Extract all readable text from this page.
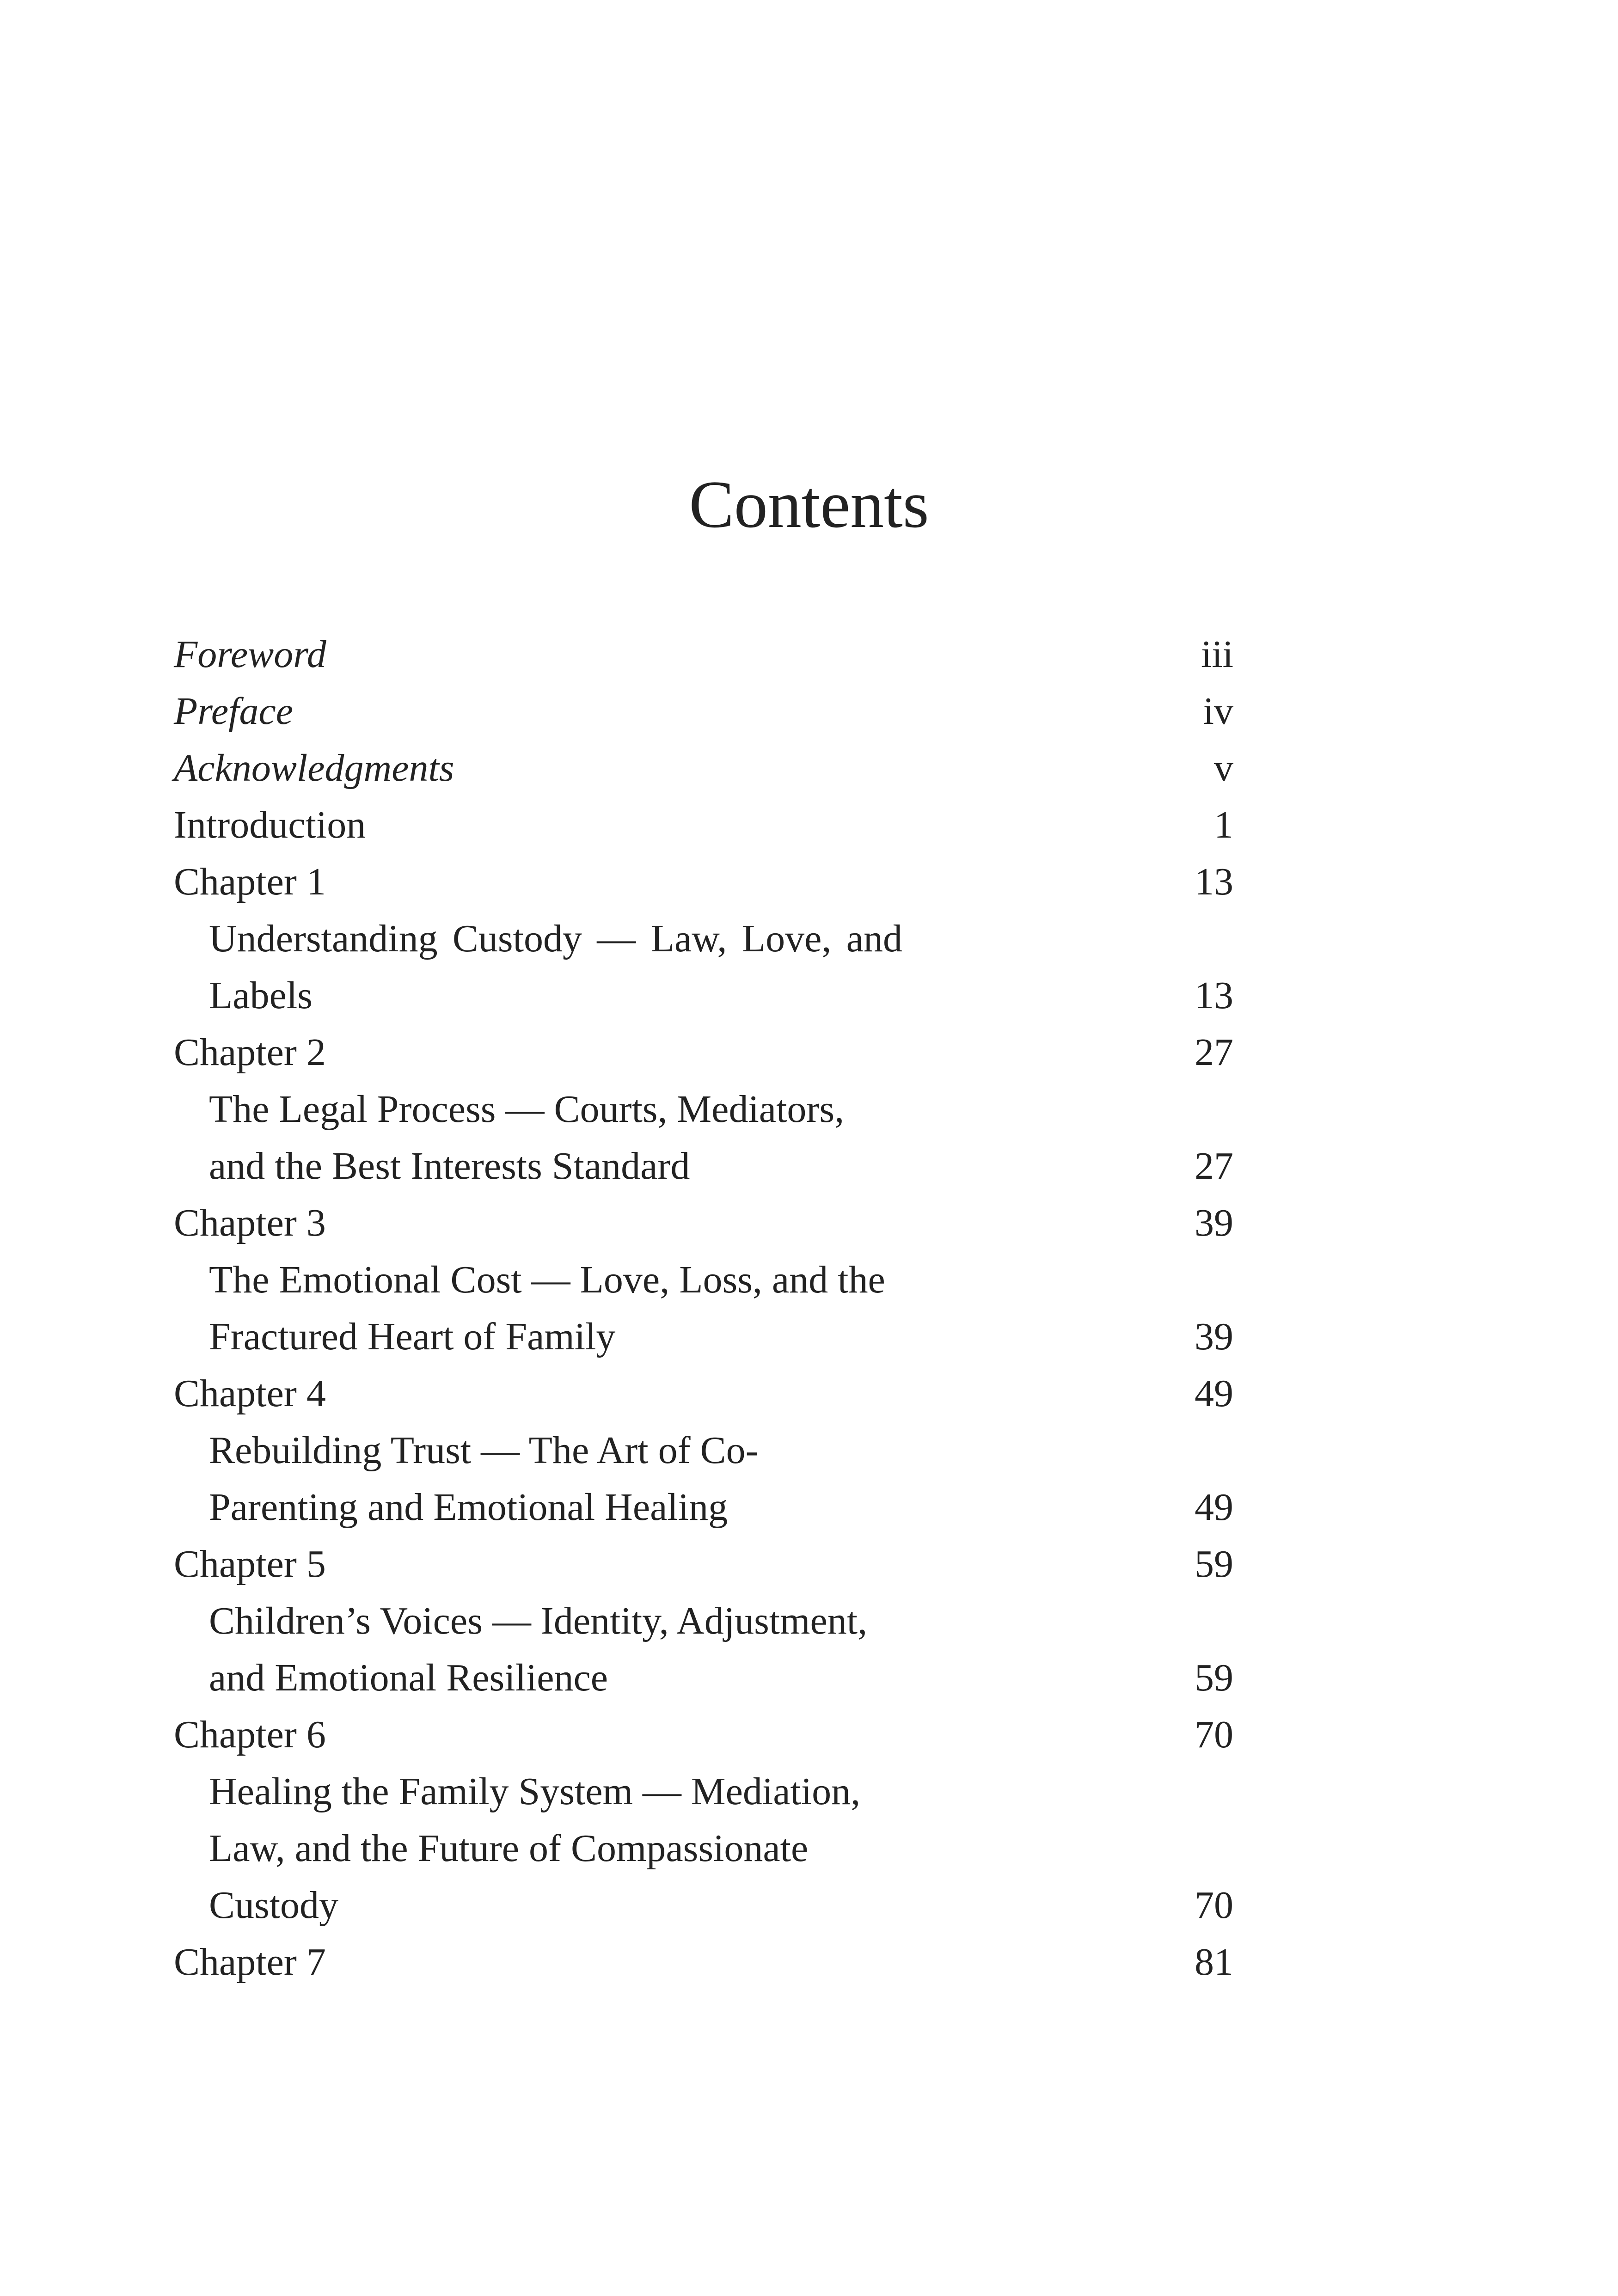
Contents
Foreword	iii
Preface	iv
Acknowledgments	v
Introduction	1
Chapter 1	13
Understanding Custody — Law, Love, and Labels	13
Chapter 2	27
The Legal Process — Courts, Mediators,
and the Best Interests Standard	27
Chapter 3	39
The Emotional Cost — Love, Loss, and the
Fractured Heart of Family	39
Chapter 4	49
Rebuilding Trust — The Art of Co-
Parenting and Emotional Healing	49
Chapter 5	59
Children’s Voices — Identity, Adjustment,
and Emotional Resilience	59
Chapter 6	70
Healing the Family System — Mediation,
Law, and the Future of Compassionate
Custody	70
Chapter 7	81
